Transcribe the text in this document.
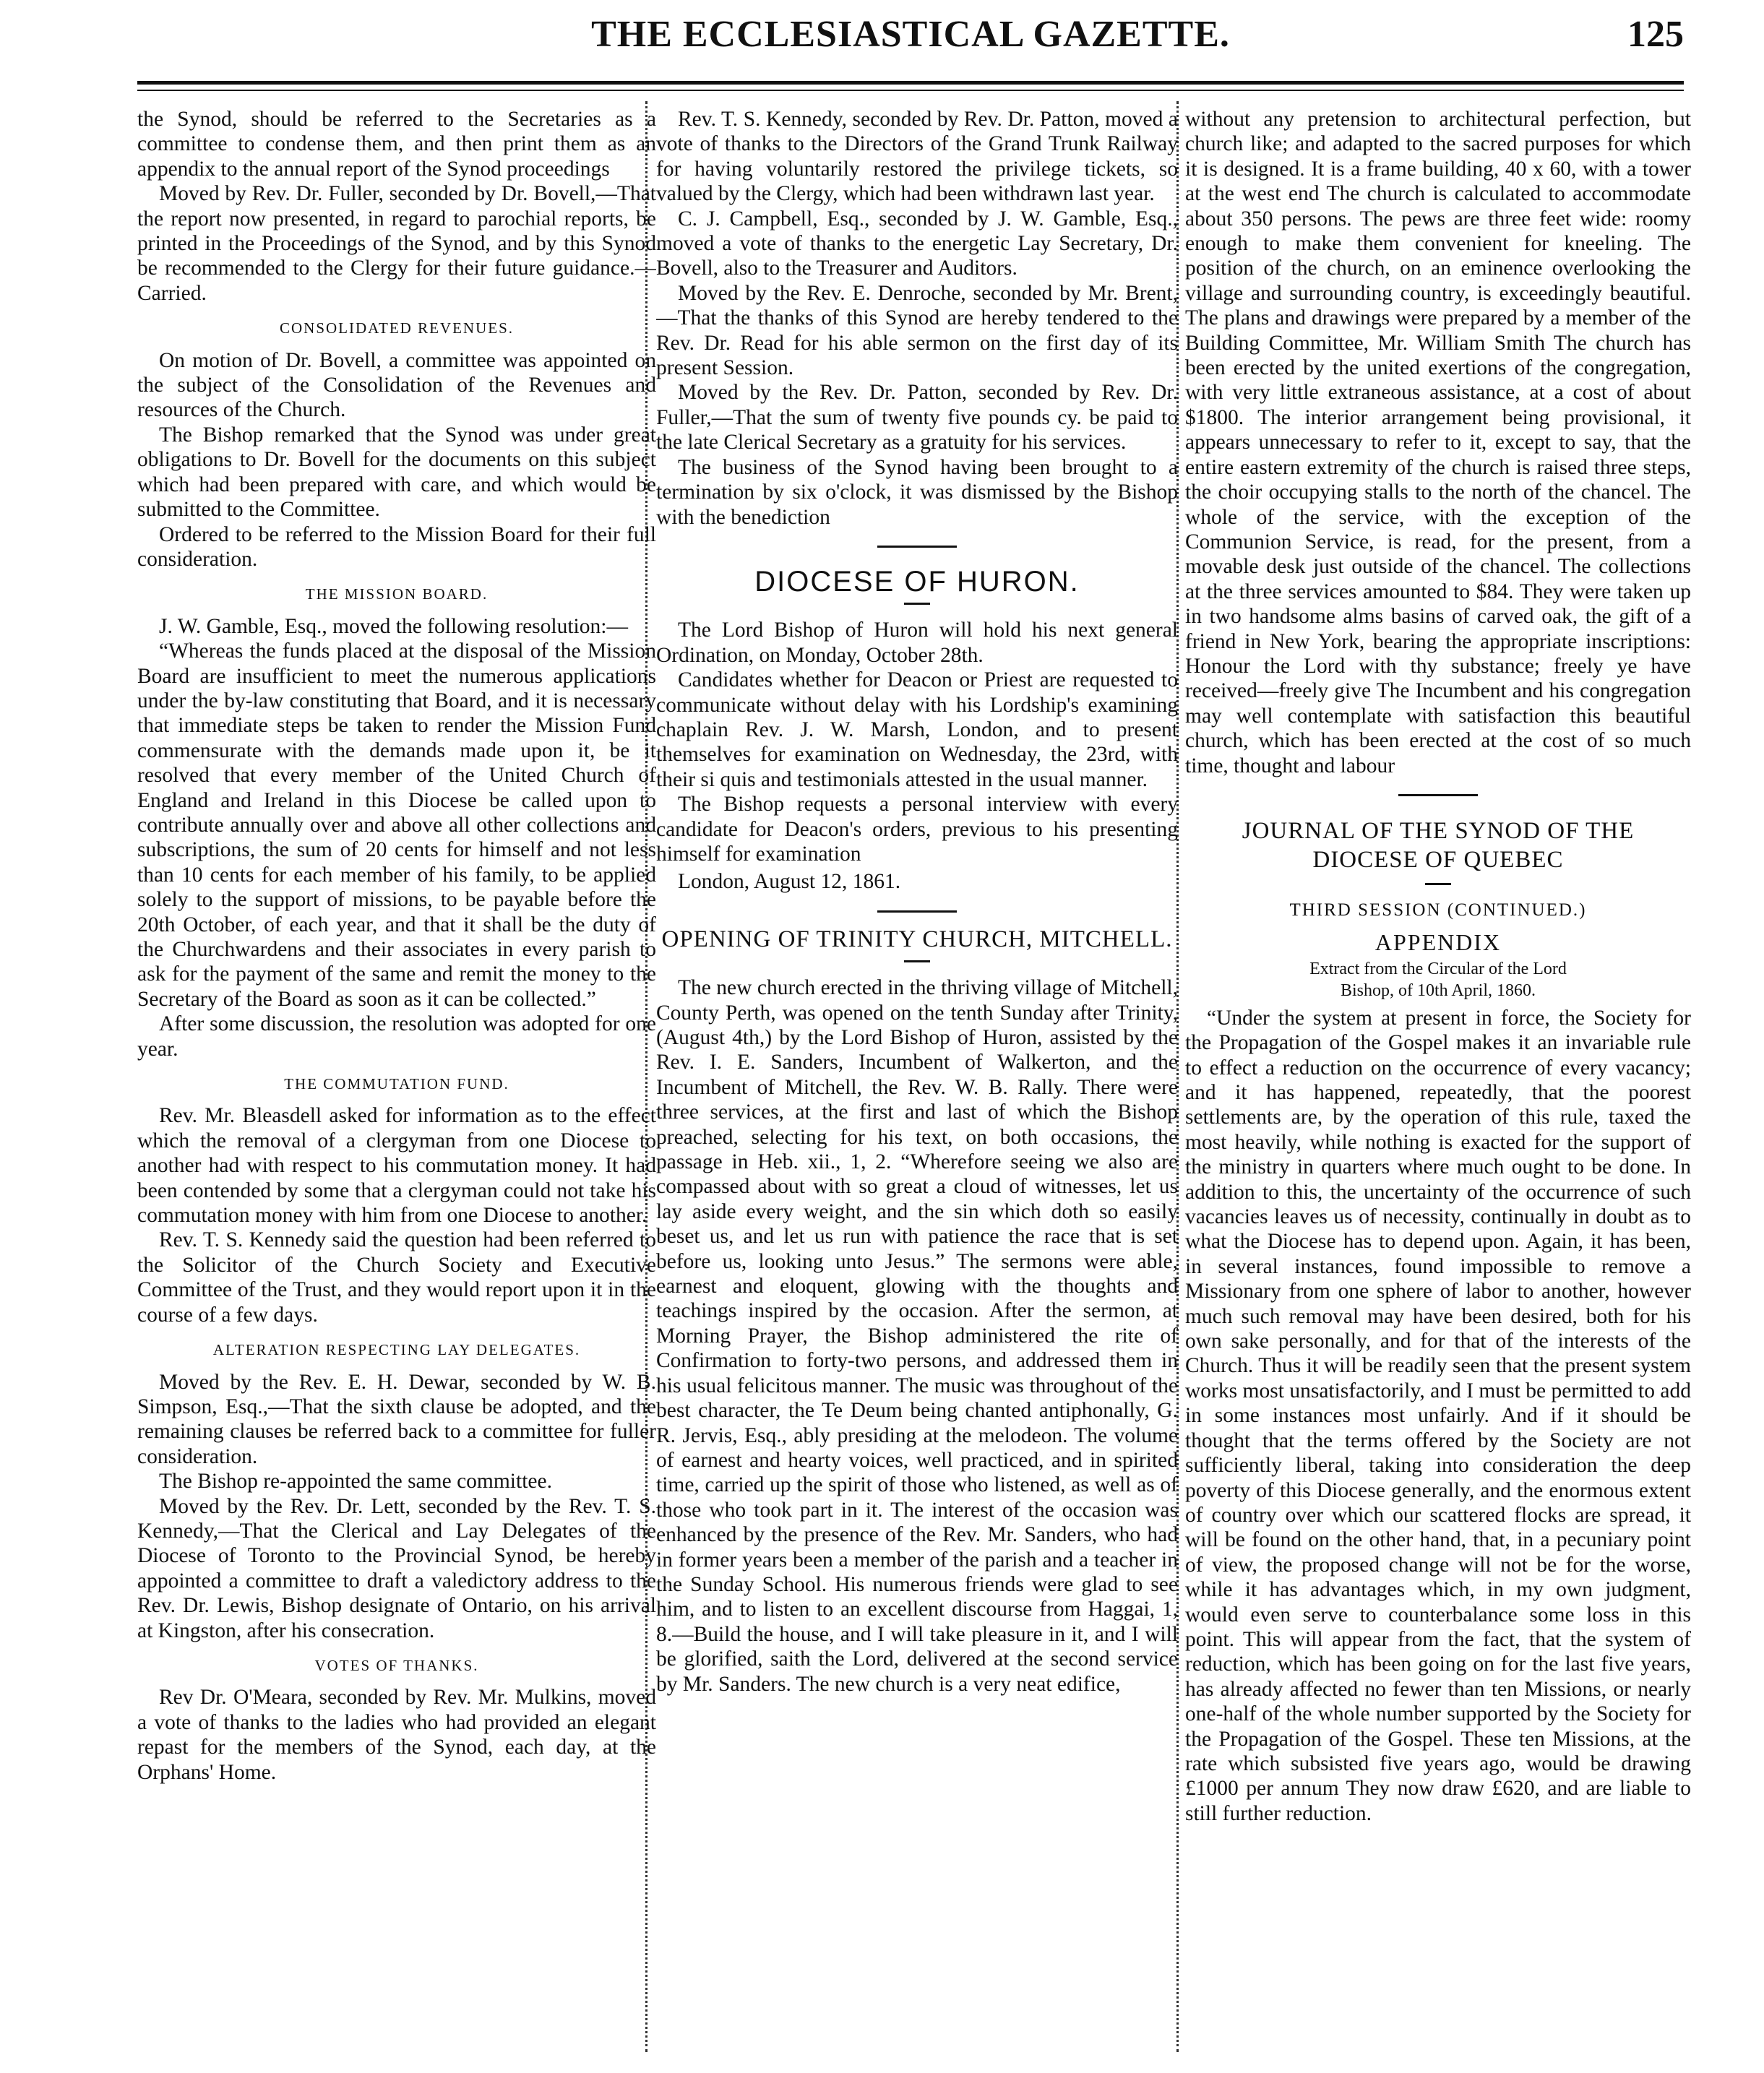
THE ECCLESIASTICAL GAZETTE.	125

the Synod, should be referred to the Secretaries as a committee to condense them, and then print them as an appendix to the annual report of the Synod proceedings

Moved by Rev. Dr. Fuller, seconded by Dr. Bovell,—That the report now presented, in regard to parochial reports, be printed in the Proceedings of the Synod, and by this Synod be recommended to the Clergy for their future guidance.—Carried.

CONSOLIDATED REVENUES.

On motion of Dr. Bovell, a committee was appointed on the subject of the Consolidation of the Revenues and resources of the Church.

The Bishop remarked that the Synod was under great obligations to Dr. Bovell for the documents on this subject which had been prepared with care, and which would be submitted to the Committee.

Ordered to be referred to the Mission Board for their full consideration.

THE MISSION BOARD.

J. W. Gamble, Esq., moved the following resolution:—

“Whereas the funds placed at the disposal of the Mission Board are insufficient to meet the numerous applications under the by-law constituting that Board, and it is necessary that immediate steps be taken to render the Mission Fund commensurate with the demands made upon it, be it resolved that every member of the United Church of England and Ireland in this Diocese be called upon to contribute annually over and above all other collections and subscriptions, the sum of 20 cents for himself and not less than 10 cents for each member of his family, to be applied solely to the support of missions, to be payable before the 20th October, of each year, and that it shall be the duty of the Churchwardens and their associates in every parish to ask for the payment of the same and remit the money to the Secretary of the Board as soon as it can be collected.”

After some discussion, the resolution was adopted for one year.

THE COMMUTATION FUND.

Rev. Mr. Bleasdell asked for information as to the effect which the removal of a clergyman from one Diocese to another had with respect to his commutation money. It had been contended by some that a clergyman could not take his commutation money with him from one Diocese to another.

Rev. T. S. Kennedy said the question had been referred to the Solicitor of the Church Society and Executive Committee of the Trust, and they would report upon it in the course of a few days.

ALTERATION RESPECTING LAY DELEGATES.

Moved by the Rev. E. H. Dewar, seconded by W. B. Simpson, Esq.,—That the sixth clause be adopted, and the remaining clauses be referred back to a committee for fuller consideration.

The Bishop re-appointed the same committee.

Moved by the Rev. Dr. Lett, seconded by the Rev. T. S. Kennedy,—That the Clerical and Lay Delegates of the Diocese of Toronto to the Provincial Synod, be hereby appointed a committee to draft a valedictory address to the Rev. Dr. Lewis, Bishop designate of Ontario, on his arrival at Kingston, after his consecration.

VOTES OF THANKS.

Rev Dr. O'Meara, seconded by Rev. Mr. Mulkins, moved a vote of thanks to the ladies who had provided an elegant repast for the members of the Synod, each day, at the Orphans' Home.

Rev. T. S. Kennedy, seconded by Rev. Dr. Patton, moved a vote of thanks to the Directors of the Grand Trunk Railway for having voluntarily restored the privilege tickets, so valued by the Clergy, which had been withdrawn last year.

C. J. Campbell, Esq., seconded by J. W. Gamble, Esq., moved a vote of thanks to the energetic Lay Secretary, Dr. Bovell, also to the Treasurer and Auditors.

Moved by the Rev. E. Denroche, seconded by Mr. Brent,—That the thanks of this Synod are hereby tendered to the Rev. Dr. Read for his able sermon on the first day of its present Session.

Moved by the Rev. Dr. Patton, seconded by Rev. Dr. Fuller,—That the sum of twenty five pounds cy. be paid to the late Clerical Secretary as a gratuity for his services.

The business of the Synod having been brought to a termination by six o'clock, it was dismissed by the Bishop with the benediction

DIOCESE OF HURON.

The Lord Bishop of Huron will hold his next general Ordination, on Monday, October 28th.

Candidates whether for Deacon or Priest are requested to communicate without delay with his Lordship's examining chaplain Rev. J. W. Marsh, London, and to present themselves for examination on Wednesday, the 23rd, with their si quis and testimonials attested in the usual manner.

The Bishop requests a personal interview with every candidate for Deacon's orders, previous to his presenting himself for examination

London, August 12, 1861.

OPENING OF TRINITY CHURCH, MITCHELL.

The new church erected in the thriving village of Mitchell, County Perth, was opened on the tenth Sunday after Trinity, (August 4th,) by the Lord Bishop of Huron, assisted by the Rev. I. E. Sanders, Incumbent of Walkerton, and the Incumbent of Mitchell, the Rev. W. B. Rally. There were three services, at the first and last of which the Bishop preached, selecting for his text, on both occasions, the passage in Heb. xii., 1, 2. “Wherefore seeing we also are compassed about with so great a cloud of witnesses, let us lay aside every weight, and the sin which doth so easily beset us, and let us run with patience the race that is set before us, looking unto Jesus.” The sermons were able, earnest and eloquent, glowing with the thoughts and teachings inspired by the occasion. After the sermon, at Morning Prayer, the Bishop administered the rite of Confirmation to forty-two persons, and addressed them in his usual felicitous manner. The music was throughout of the best character, the Te Deum being chanted antiphonally, G. R. Jervis, Esq., ably presiding at the melodeon. The volume of earnest and hearty voices, well practiced, and in spirited time, carried up the spirit of those who listened, as well as of those who took part in it. The interest of the occasion was enhanced by the presence of the Rev. Mr. Sanders, who had in former years been a member of the parish and a teacher in the Sunday School. His numerous friends were glad to see him, and to listen to an excellent discourse from Haggai, 1, 8.—Build the house, and I will take pleasure in it, and I will be glorified, saith the Lord, delivered at the second service by Mr. Sanders. The new church is a very neat edifice,

without any pretension to architectural perfection, but church like; and adapted to the sacred purposes for which it is designed. It is a frame building, 40 x 60, with a tower at the west end The church is calculated to accommodate about 350 persons. The pews are three feet wide: roomy enough to make them convenient for kneeling. The position of the church, on an eminence overlooking the village and surrounding country, is exceedingly beautiful. The plans and drawings were prepared by a member of the Building Committee, Mr. William Smith The church has been erected by the united exertions of the congregation, with very little extraneous assistance, at a cost of about $1800. The interior arrangement being provisional, it appears unnecessary to refer to it, except to say, that the entire eastern extremity of the church is raised three steps, the choir occupying stalls to the north of the chancel. The whole of the service, with the exception of the Communion Service, is read, for the present, from a movable desk just outside of the chancel. The collections at the three services amounted to $84. They were taken up in two handsome alms basins of carved oak, the gift of a friend in New York, bearing the appropriate inscriptions: Honour the Lord with thy substance; freely ye have received—freely give The Incumbent and his congregation may well contemplate with satisfaction this beautiful church, which has been erected at the cost of so much time, thought and labour

JOURNAL OF THE SYNOD OF THE
DIOCESE OF QUEBEC
THIRD SESSION (CONTINUED.)
APPENDIX
Extract from the Circular of the Lord
Bishop, of 10th April, 1860.

“Under the system at present in force, the Society for the Propagation of the Gospel makes it an invariable rule to effect a reduction on the occurrence of every vacancy; and it has happened, repeatedly, that the poorest settlements are, by the operation of this rule, taxed the most heavily, while nothing is exacted for the support of the ministry in quarters where much ought to be done. In addition to this, the uncertainty of the occurrence of such vacancies leaves us of necessity, continually in doubt as to what the Diocese has to depend upon. Again, it has been, in several instances, found impossible to remove a Missionary from one sphere of labor to another, however much such removal may have been desired, both for his own sake personally, and for that of the interests of the Church. Thus it will be readily seen that the present system works most unsatisfactorily, and I must be permitted to add in some instances most unfairly. And if it should be thought that the terms offered by the Society are not sufficiently liberal, taking into consideration the deep poverty of this Diocese generally, and the enormous extent of country over which our scattered flocks are spread, it will be found on the other hand, that, in a pecuniary point of view, the proposed change will not be for the worse, while it has advantages which, in my own judgment, would even serve to counterbalance some loss in this point. This will appear from the fact, that the system of reduction, which has been going on for the last five years, has already affected no fewer than ten Missions, or nearly one-half of the whole number supported by the Society for the Propagation of the Gospel. These ten Missions, at the rate which subsisted five years ago, would be drawing £1000 per annum They now draw £620, and are liable to still further reduction.
